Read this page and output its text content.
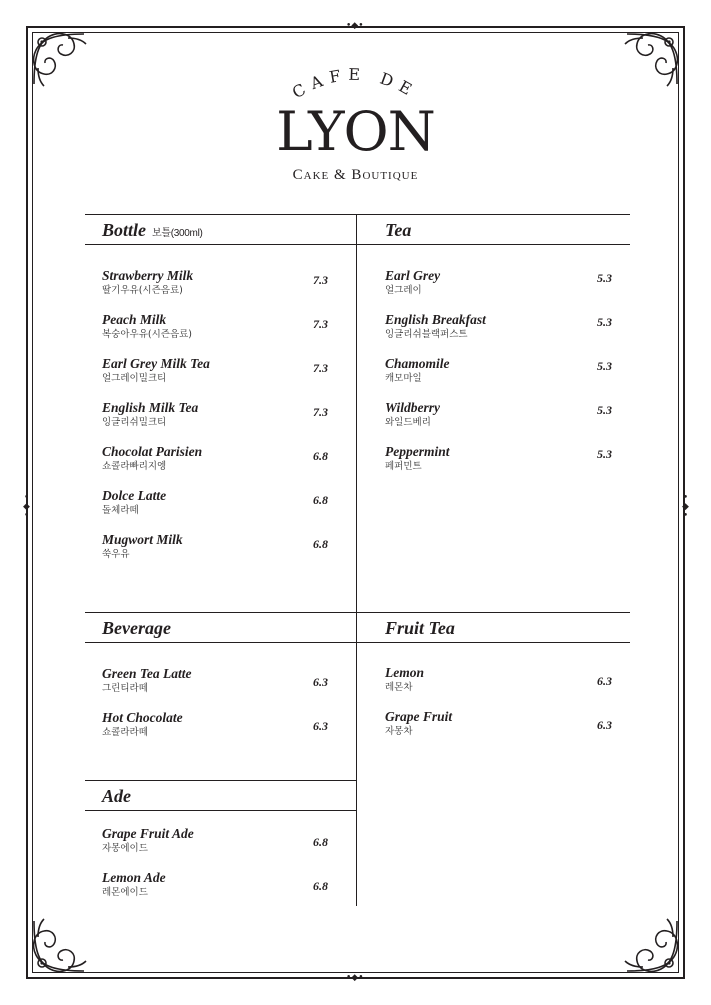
•◆•
•◆•
•
◆
•
•
◆
•
CAFE DE
LYON
Cake & Boutique
Bottle 보틀(300ml)	Tea
Beverage	Fruit Tea
Ade
Strawberry Milk
딸기우유(시즌음료)
7.3
Peach Milk
복숭아우유(시즌음료)
7.3
Earl Grey Milk Tea
얼그레이밀크티
7.3
English Milk Tea
잉글리쉬밀크티
7.3
Chocolat Parisien
쇼콜라빠리지엥
6.8
Dolce Latte
돌체라떼
6.8
Mugwort Milk
쑥우유
6.8
Earl Grey
얼그레이
5.3
English Breakfast
잉글리쉬블랙퍼스트
5.3
Chamomile
캐모마일
5.3
Wildberry
와일드베리
5.3
Peppermint
페퍼민트
5.3
Green Tea Latte
그린티라떼	6.3
Hot Chocolate
쇼콜라라떼	6.3
Lemon
레몬차	6.3
Grape Fruit
자몽차	6.3
Grape Fruit Ade
자몽에이드	6.8
Lemon Ade
레몬에이드	6.8
